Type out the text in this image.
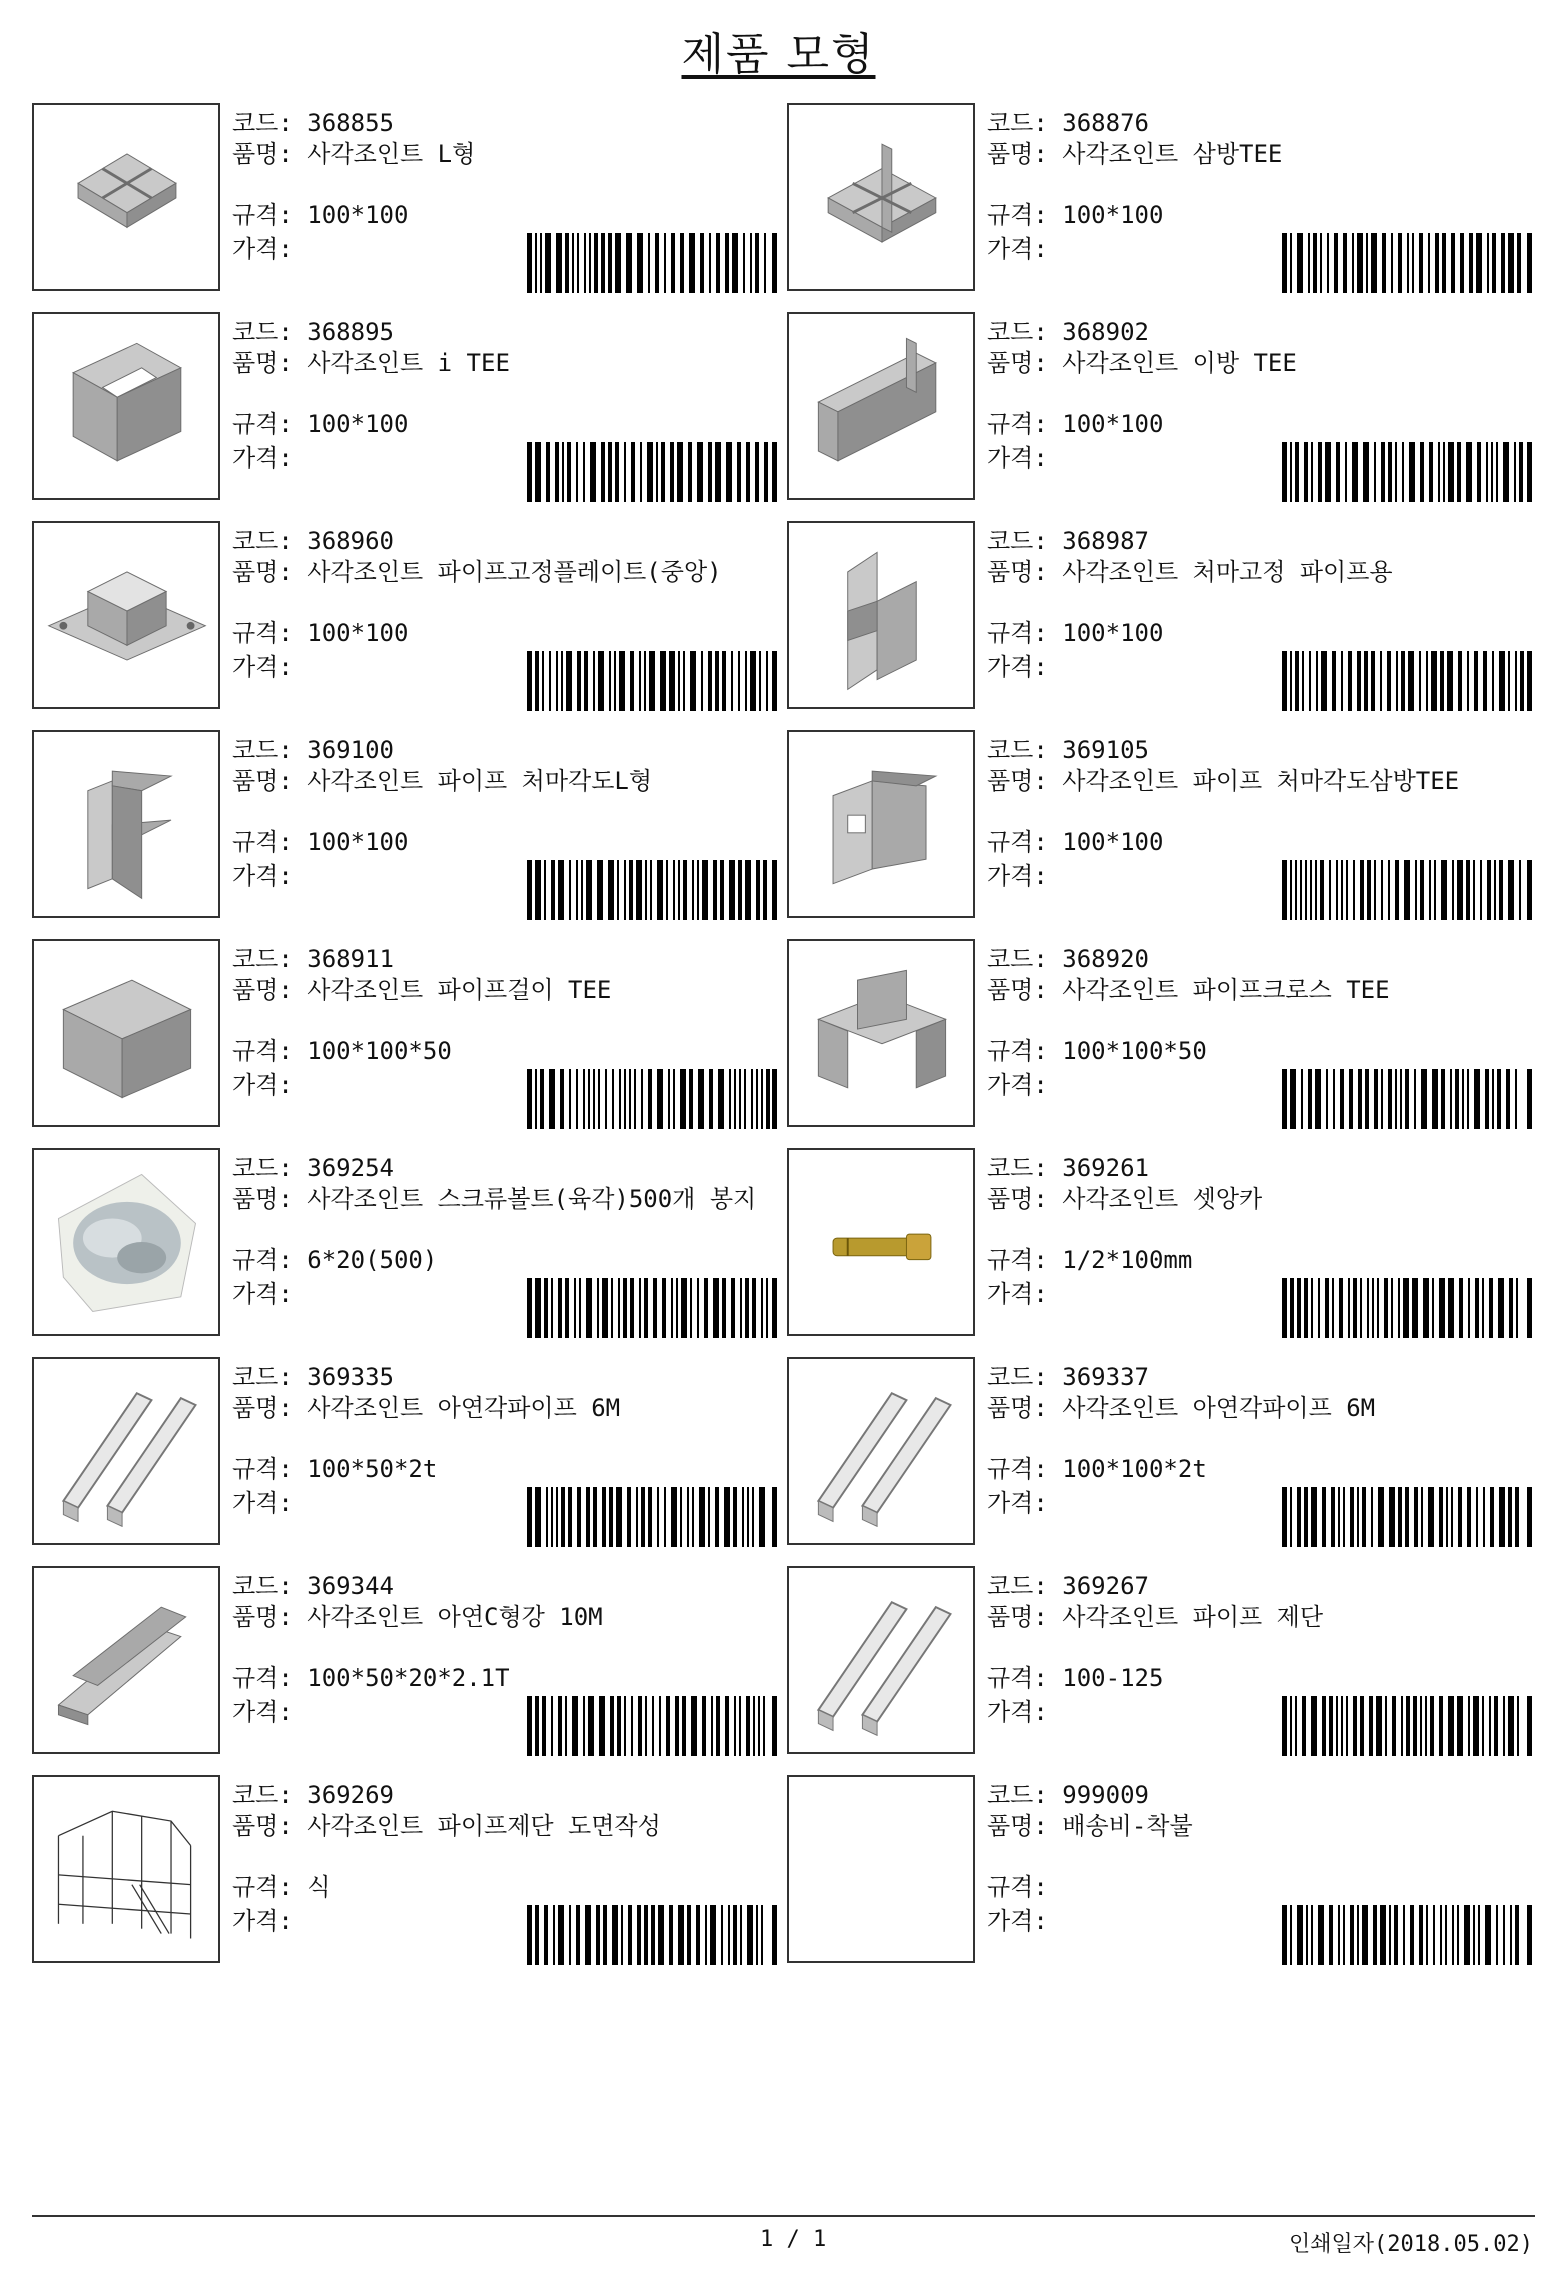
제품 모형
코드: 368855
품명: 사각조인트 L형
규격: 100*100
가격:
코드: 368876
품명: 사각조인트 삼방TEE
규격: 100*100
가격:
코드: 368895
품명: 사각조인트 i TEE
규격: 100*100
가격:
코드: 368902
품명: 사각조인트 이방 TEE
규격: 100*100
가격:
코드: 368960
품명: 사각조인트 파이프고정플레이트(중앙)
규격: 100*100
가격:
코드: 368987
품명: 사각조인트 처마고정 파이프용
규격: 100*100
가격:
코드: 369100
품명: 사각조인트 파이프 처마각도L형
규격: 100*100
가격:
코드: 369105
품명: 사각조인트 파이프 처마각도삼방TEE
규격: 100*100
가격:
코드: 368911
품명: 사각조인트 파이프걸이 TEE
규격: 100*100*50
가격:
코드: 368920
품명: 사각조인트 파이프크로스 TEE
규격: 100*100*50
가격:
코드: 369254
품명: 사각조인트 스크류볼트(육각)500개 봉지
규격: 6*20(500)
가격:
코드: 369261
품명: 사각조인트 셋앙카
규격: 1/2*100mm
가격:
코드: 369335
품명: 사각조인트 아연각파이프 6M
규격: 100*50*2t
가격:
코드: 369337
품명: 사각조인트 아연각파이프 6M
규격: 100*100*2t
가격:
코드: 369344
품명: 사각조인트 아연C형강 10M
규격: 100*50*20*2.1T
가격:
코드: 369267
품명: 사각조인트 파이프 제단
규격: 100-125
가격:
코드: 369269
품명: 사각조인트 파이프제단 도면작성
규격: 식
가격:
코드: 999009
품명: 배송비-착불
규격:
가격:
1 / 1	인쇄일자(2018.05.02)
